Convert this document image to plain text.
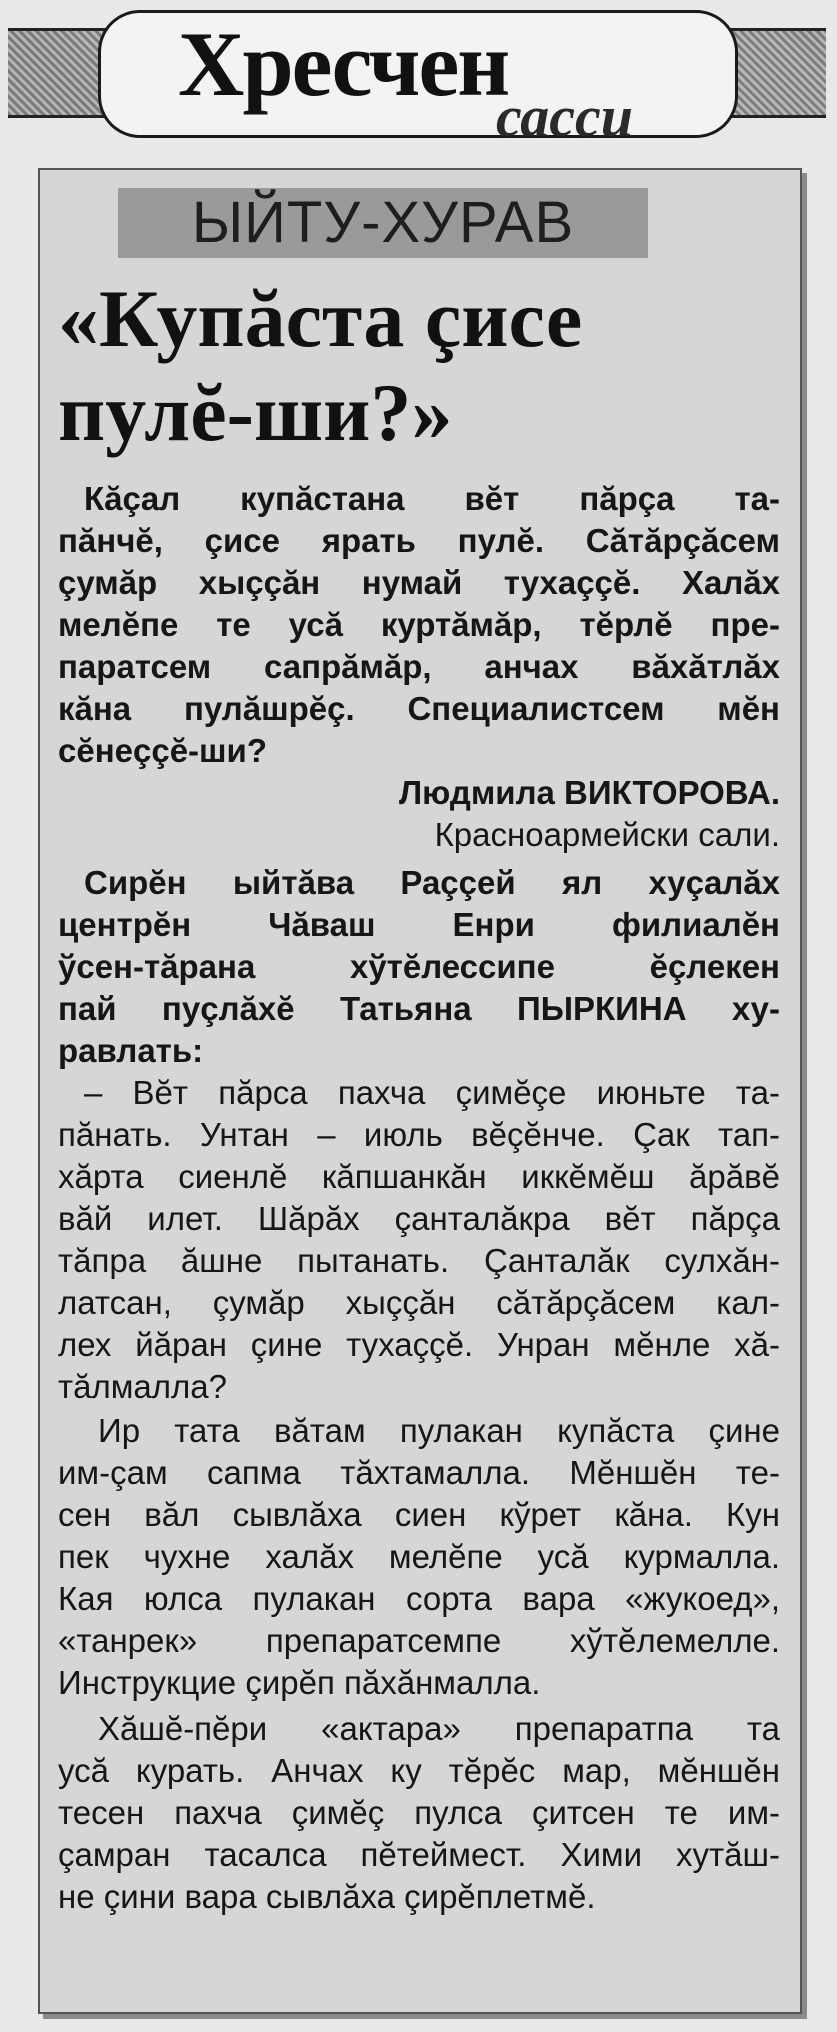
Хресчен
сасси
ЫЙТУ-ХУРАВ
«Купăста çисе
пулĕ-ши?»
Кăçал купăстана вĕт пăрça та-
пăнчĕ, çисе ярать пулĕ. Сăтăрçăсем
çумăр хыççăн нумай тухаççĕ. Халăх
мелĕпе те усă куртăмăр, тĕрлĕ пре-
паратсем сапрăмăр, анчах вăхăтлăх
кăна пулăшрĕç. Специалистсем мĕн
сĕнеççĕ-ши?
Людмила ВИКТОРОВА.
Красноармейски сали.
Сирĕн ыйтăва Раççей ял хуçалăх
центрĕн Чăваш Енри филиалĕн
ўсен-тăрана хўтĕлессипе ĕçлекен
пай пуçлăхĕ Татьяна ПЫРКИНА ху-
равлать:
– Вĕт пăрса пахча çимĕçе июньте та-
пăнать. Унтан – июль вĕçĕнче. Çак тап-
хăрта сиенлĕ кăпшанкăн иккĕмĕш ăрăвĕ
вăй илет. Шăрăх çанталăкра вĕт пăрça
тăпра ăшне пытанать. Çанталăк сулхăн-
латсан, çумăр хыççăн сăтăрçăсем кал-
лех йăран çине тухаççĕ. Унран мĕнле хă-
тăлмалла?
Ир тата вăтам пулакан купăста çине
им-çам сапма тăхтамалла. Мĕншĕн те-
сен вăл сывлăха сиен кўрет кăна. Кун
пек чухне халăх мелĕпе усă курмалла.
Кая юлса пулакан сорта вара «жукоед»,
«танрек» препаратсемпе хўтĕлемелле.
Инструкцие çирĕп пăхăнмалла.
Хăшĕ-пĕри «актара» препаратпа та
усă курать. Анчах ку тĕрĕс мар, мĕншĕн
тесен пахча çимĕç пулса çитсен те им-
çамран тасалса пĕтеймест. Хими хутăш-
не çини вара сывлăха çирĕплетмĕ.
